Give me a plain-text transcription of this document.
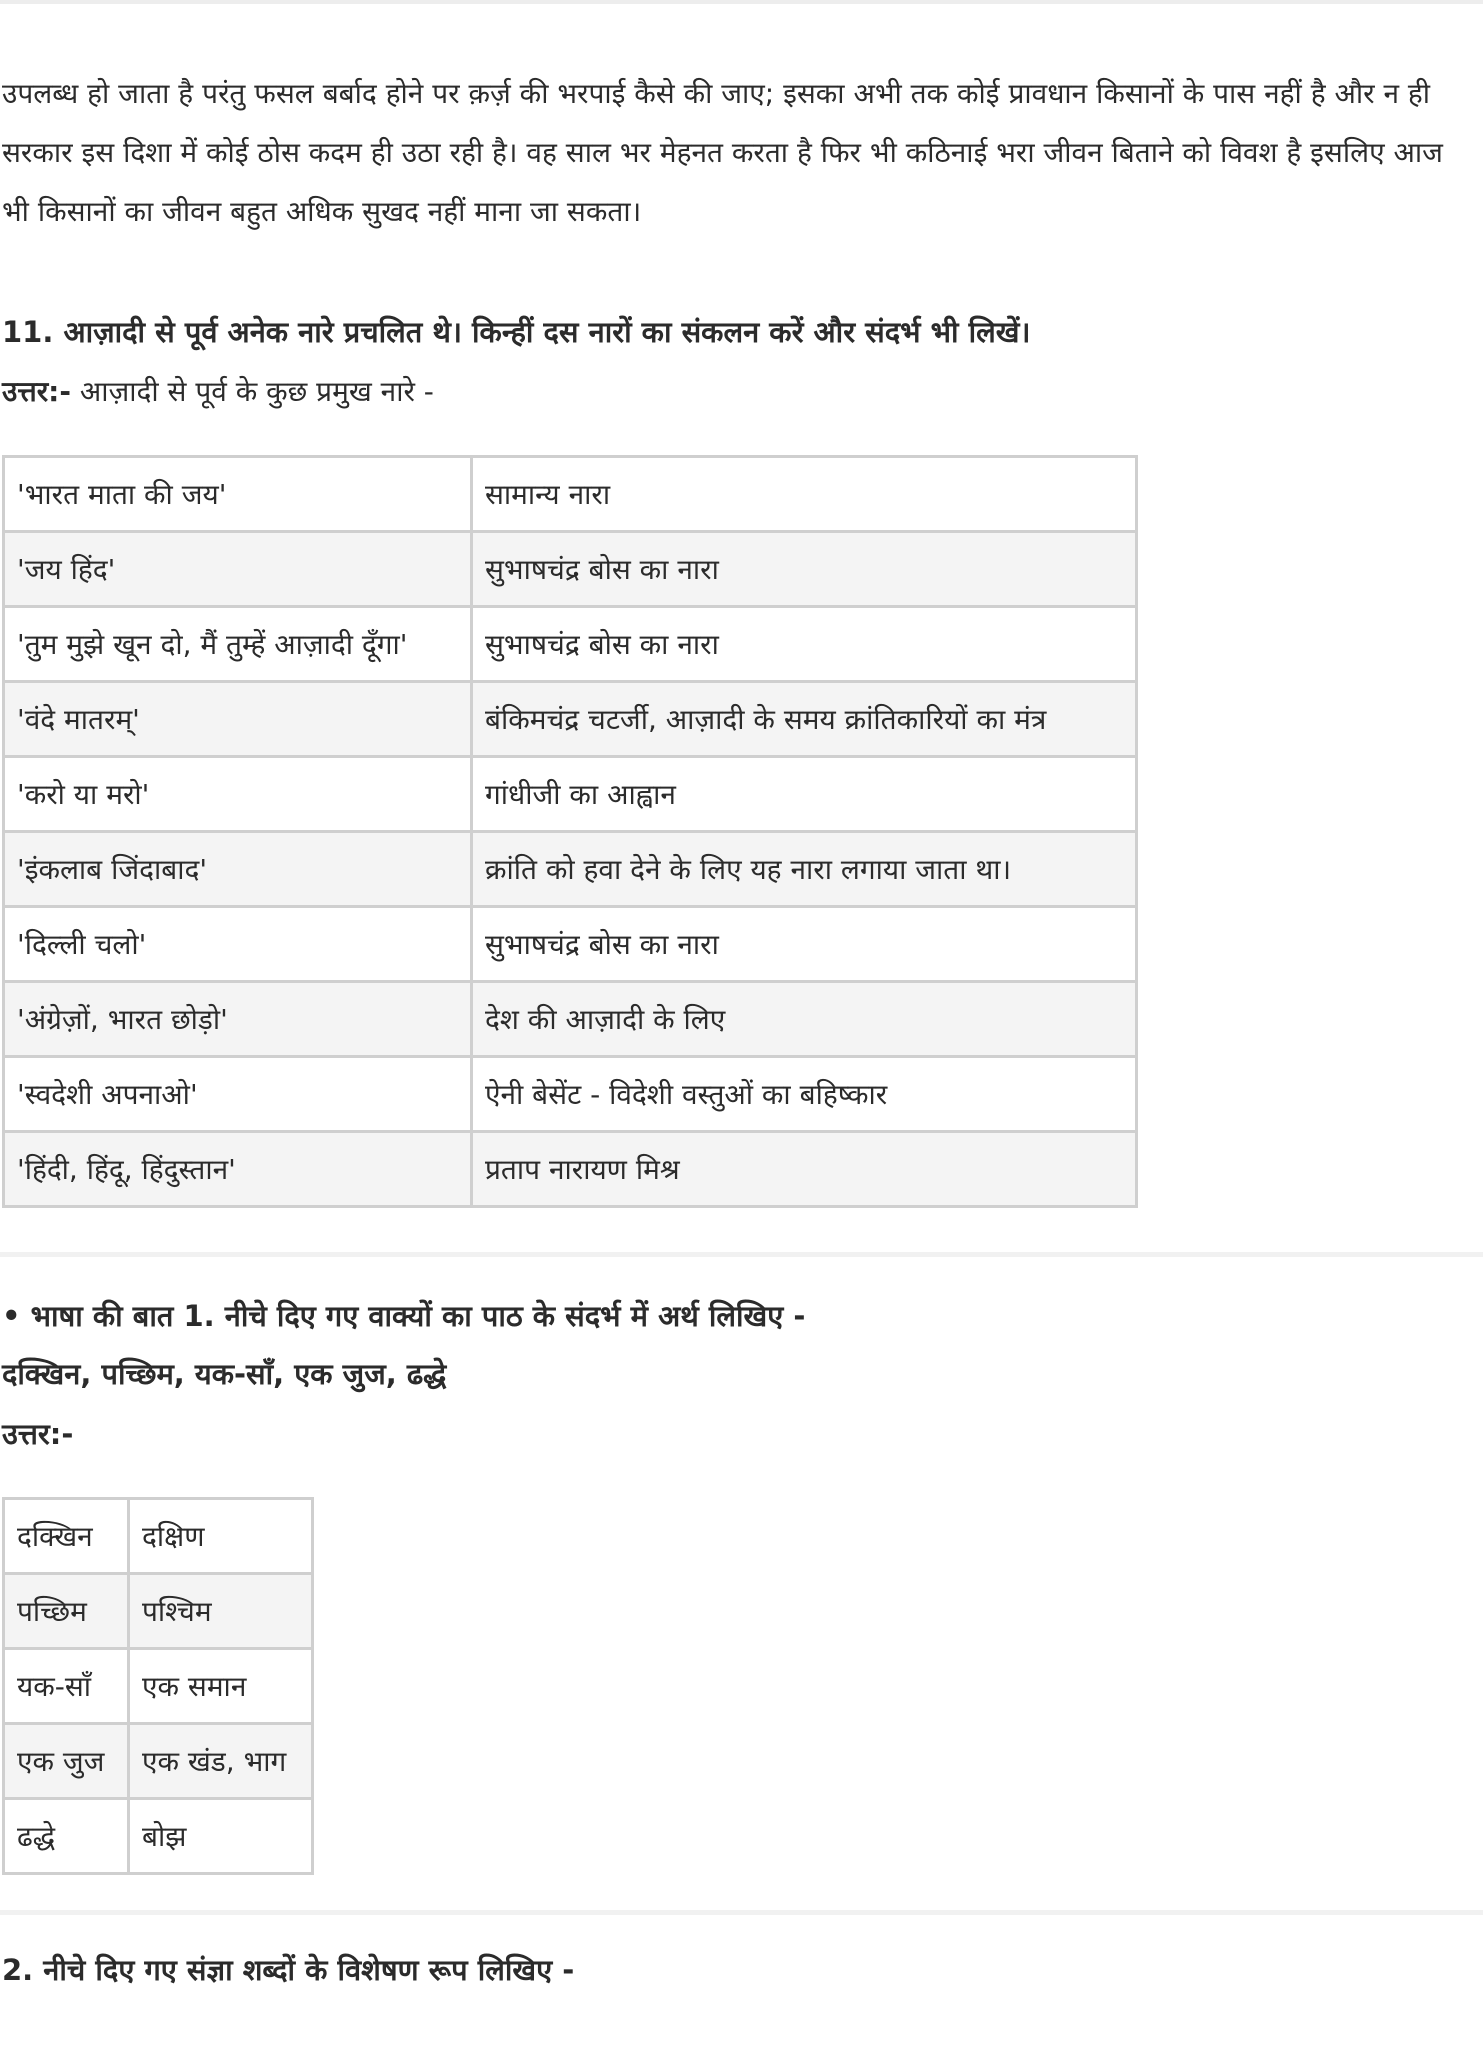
उपलब्ध हो जाता है परंतु फसल बर्बाद होने पर क़र्ज़ की भरपाई कैसे की जाए; इसका अभी तक कोई प्रावधान किसानों के पास नहीं है और न ही सरकार इस दिशा में कोई ठोस कदम ही उठा रही है। वह साल भर मेहनत करता है फिर भी कठिनाई भरा जीवन बिताने को विवश है इसलिए आज भी किसानों का जीवन बहुत अधिक सुखद नहीं माना जा सकता।

11. आज़ादी से पूर्व अनेक नारे प्रचलित थे। किन्हीं दस नारों का संकलन करें और संदर्भ भी लिखें।

उत्तर:- आज़ादी से पूर्व के कुछ प्रमुख नारे -

'भारत माता की जय'	सामान्य नारा
'जय हिंद'	सुभाषचंद्र बोस का नारा
'तुम मुझे खून दो, मैं तुम्हें आज़ादी दूँगा'	सुभाषचंद्र बोस का नारा
'वंदे मातरम्'	बंकिमचंद्र चटर्जी, आज़ादी के समय क्रांतिकारियों का मंत्र
'करो या मरो'	गांधीजी का आह्वान
'इंकलाब जिंदाबाद'	क्रांति को हवा देने के लिए यह नारा लगाया जाता था।
'दिल्ली चलो'	सुभाषचंद्र बोस का नारा
'अंग्रेज़ों, भारत छोड़ो'	देश की आज़ादी के लिए
'स्वदेशी अपनाओ'	ऐनी बेसेंट - विदेशी वस्तुओं का बहिष्कार
'हिंदी, हिंदू, हिंदुस्तान'	प्रताप नारायण मिश्र

• भाषा की बात 1. नीचे दिए गए वाक्यों का पाठ के संदर्भ में अर्थ लिखिए -

दक्खिन, पच्छिम, यक-साँ, एक जुज, ढद्धे

उत्तर:-

दक्खिन	दक्षिण
पच्छिम	पश्चिम
यक-साँ	एक समान
एक जुज	एक खंड, भाग
ढद्धे	बोझ

2. नीचे दिए गए संज्ञा शब्दों के विशेषण रूप लिखिए -
